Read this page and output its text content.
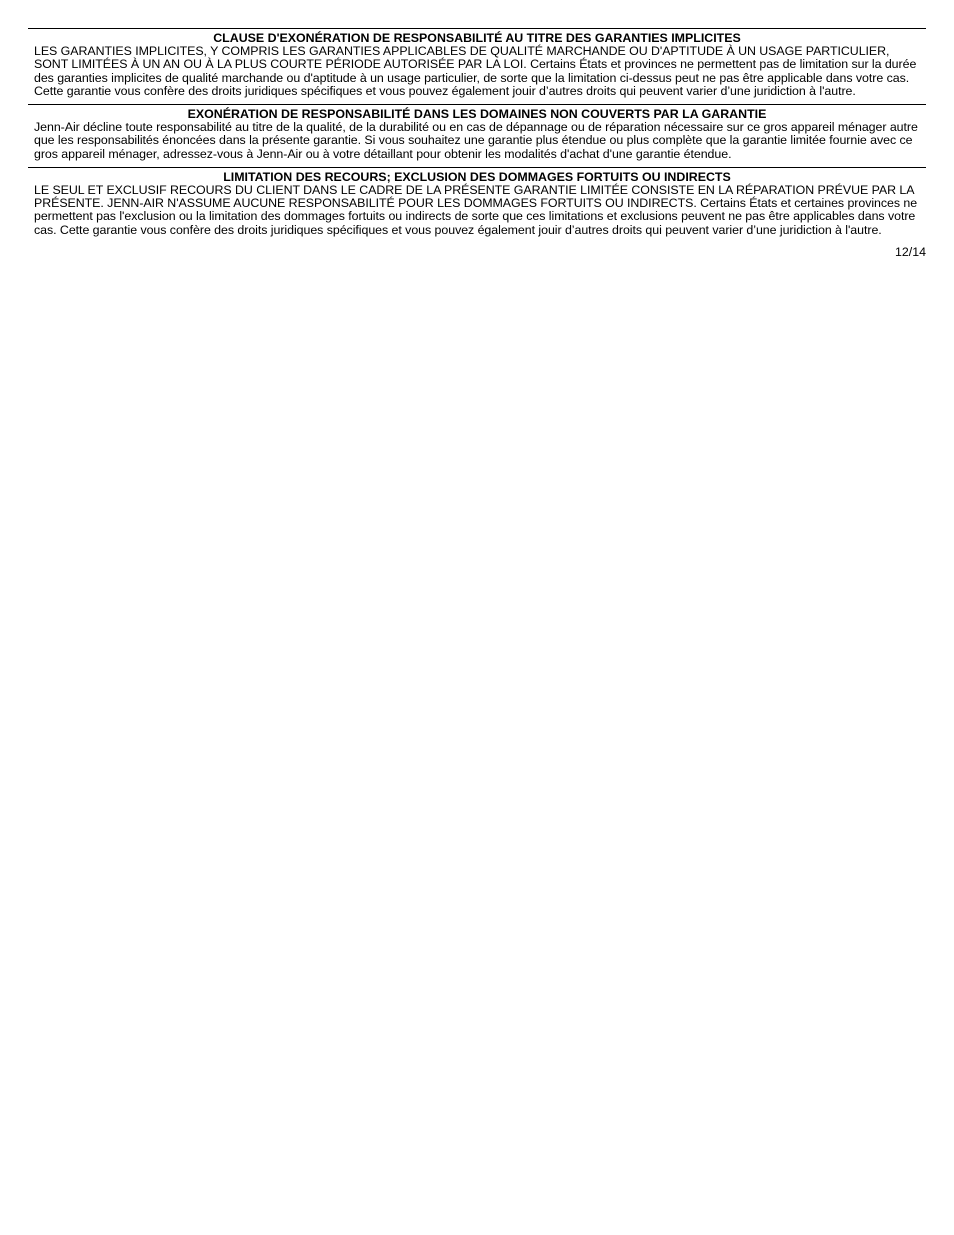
CLAUSE D'EXONÉRATION DE RESPONSABILITÉ AU TITRE DES GARANTIES IMPLICITES

LES GARANTIES IMPLICITES, Y COMPRIS LES GARANTIES APPLICABLES DE QUALITÉ MARCHANDE OU D'APTITUDE À UN USAGE PARTICULIER, SONT LIMITÉES À UN AN OU À LA PLUS COURTE PÉRIODE AUTORISÉE PAR LA LOI. Certains États et provinces ne permettent pas de limitation sur la durée des garanties implicites de qualité marchande ou d'aptitude à un usage particulier, de sorte que la limitation ci-dessus peut ne pas être applicable dans votre cas. Cette garantie vous confère des droits juridiques spécifiques et vous pouvez également jouir d’autres droits qui peuvent varier d’une juridiction à l'autre.

EXONÉRATION DE RESPONSABILITÉ DANS LES DOMAINES NON COUVERTS PAR LA GARANTIE

Jenn-Air décline toute responsabilité au titre de la qualité, de la durabilité ou en cas de dépannage ou de réparation nécessaire sur ce gros appareil ménager autre que les responsabilités énoncées dans la présente garantie. Si vous souhaitez une garantie plus étendue ou plus complète que la garantie limitée fournie avec ce gros appareil ménager, adressez-vous à Jenn-Air ou à votre détaillant pour obtenir les modalités d'achat d'une garantie étendue.

LIMITATION DES RECOURS; EXCLUSION DES DOMMAGES FORTUITS OU INDIRECTS

LE SEUL ET EXCLUSIF RECOURS DU CLIENT DANS LE CADRE DE LA PRÉSENTE GARANTIE LIMITÉE CONSISTE EN LA RÉPARATION PRÉVUE PAR LA PRÉSENTE. JENN-AIR N'ASSUME AUCUNE RESPONSABILITÉ POUR LES DOMMAGES FORTUITS OU INDIRECTS. Certains États et certaines provinces ne permettent pas l'exclusion ou la limitation des dommages fortuits ou indirects de sorte que ces limitations et exclusions peuvent ne pas être applicables dans votre cas. Cette garantie vous confère des droits juridiques spécifiques et vous pouvez également jouir d’autres droits qui peuvent varier d’une juridiction à l'autre.

12/14
